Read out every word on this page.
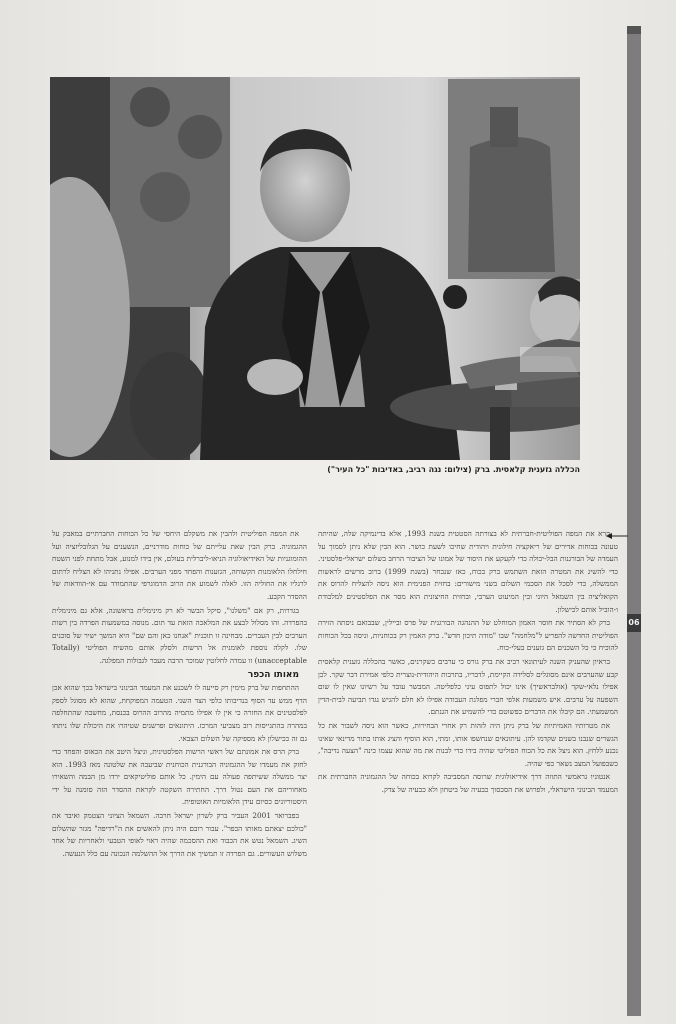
06
הכללה גזענית קלאסית. ברק (צילום: נגה רביב, באדיבות "כל העיר")

קרא את המפה הפוליטית-חברתית לא בצורתה הסטטית בשנת 1993, אלא בדינמיקה שלה, שהיתה טעונה בכוחות אדירים של ריאקציה חילונית ויהודית שחיכו לשעת כושר. הוא הבין שלא ניתן לסמוך על העמדה של הבורגנות הבל-יכולה כדי לקעקע את היסוד של אמונו של הציבור הרחב בשלום ישראלי-פלסטיני. כדי להשיג את המטרה הזאת השתמש ברק בכוח, כאז שנבחר (בשנת 1999) ברוב מרשים לראשות הממשלה, כדי לסכל את הסכמי השלום בשני מישורים: בחזית הפנימית הוא ניסה להצליח להרוס את הקואליציה בין השמאל היוני ובין המיעוט הערבי, ובחזית החיצונית הוא מסר את הפלסטינים למלכודת ו-הוביל אותם לכישלון.

ברק לא הסתיר את חוסר האמון המוחלט של ההנהגה הבורגנית של פרס וביילין, שבבואם ניסתה הזירה הפוליטית החדשה להפריע ל"מלחמה" שבו "מודה תיכון חדש". ברק האמין רק בכוחניות, וניסה בכל הכוחות להוכיח כי כל השכנים הם גזענים בעלי-כוח.

בראיון שהעניק השנה לעיתונאי רביב את ברק גורס כי ערבים כשקרנים, כאשר בהכללה גזענית קלאסית קבע שהערבים אינם מסוגלים לסלידה הקיימת, לדבריו, בתרבות היהודית-נוצרית כלפי אמירת דבר שקר. לכן אפילו נלאי-שקר (אולבראשיך) אינו יכול לתפוס עיני כלפליטה. המבשר עובד על רשיונו שאין לו שום השפעה על ערבים. איש משמעות אלפי חברי מפלגת העבודה אפילו לא חלם להגיש נגדו תביעה לבית-הדין המשמעתי. הם קיבלו את הדברים כפשוטם כדי להשמיע את הגנתם.

את מטרותיו האמיתיות של ברק ניתן היה לזהות רק אחרי הבחירות, כאשר הוא ניסה לשבור את כל הגשרים שנבנו בשנים שקדמו להן. עיתונאים שנחשפו אותו, ומתי, הוא הוסיף והציג אותו בתור מדינאי שאינו נכנע ללחץ. הוא ניצל את כל הכוח הפוליטי שהיה בידו כדי לבנות את מה שהוא עצמו כינה "הצעה נדיבה", כשבפועל המצב נשאר כפי שהיה.

אנטוניו גראמשי התווה דרך אידיאולוגית שרוסה המסביבה לקרוא בכוחה של ההגמוניה החברתית את המעמד הבינוני הישראלי, ולפרוש את הסכסוך כבעיה של ביטחון ולא כבעיה של צדק.

את המפה הפוליטית ולהבין את משקלם היחסי של כל הכוחות החברתיים במאבק על ההגמוניה. ברק הבין שאת עלייתם של כוחות מודרניים, הנשענים על הגלובליזציה ועל ההומוגניות של האידיאולוגיה הניאו-ליברלית בעולם, אין בידו למנוע, אבל מתחת לפני השטח חילחלו הלאומנות הקשוחה, הגזענות והפחד מפני הערבים. אפילו נתניהו לא הצליח לרתום לרגליו את החוליה הזו. לאלה לשמוע את הרוב הדמוגרפי שהתמודד עם אי-הוודאות של ההסדר הקבע.

בגדרות, רק אם "משלנו", סיקל הבשר לא רק מינימלית בראשונה, אלא גם מינימלית בהפרדה. זהו מסלול לבצע את המלאכה הזאת עד תום. מנוסה במשמעות הפרדה בין רשות הערבים לבין העברים. מבחינה זו תוכנית "אנחנו כאן והם שם" היא המשך ישיר של סוכנים שלו. לקלה נוספת לאומנית אל הרשות ולסלק אותם מהשיח הפוליטי (Totally unacceptable) זו עמדה לחלוטין שמוכר הרבה מעבר לגבולות המפלגה.

מאותו הכפר

ההתחפות של ברק מימין רק סייעה לו לשכנע את המעמד הבינוני בישראל בכך שהוא אכן הדף ממש עד הסוף בנדיבותו כלפי הצד השני. הטעמה המפוקחת, שהוא לא מסוגל לספק לפלסטינים את החזרה כי אין לו אפילו מתמיה מהרוב ההרוס בכנסת, מחשבה שהתחלפה במהרה בהתגייסות רוב מצביעי המרכז. היתונאים ופרשנים שטיהרו את היכולת שלו ניתחו גם זה ככישלון לא מספיקה של השלום הצבאי.

ברק הרס את אמונתם של ראשי הרשות הפלסטינית, וניצל היטב את הכאוס והפחד כדי לחזק את מעמדו של ההגמוניה הבורגנית הכוחנית שביעבה את שלטונה מאז 1993. הוא יצר ממשלה ששיתפה פעולה עם הימין. כל אותם פוליטיקאים ירדו מן הבמה והשאירו מאחוריהם את העם נטול דרך. החתירה השקטה לקראת ההסדר הזה סומנה על ידי היסטוריונים כסיום עידן הלאומיות האוטופית.

בפברואר 2001 העביר ברק לשרון ישראל חרבה. השמאל הציוני הצטמק ואיבד את "כולכם יצאתם מאותו הכפר". עבור רובם היה ניתן להאשים את ה"רדיפה" מגזר שהשלום השיג. השמאל נטש את הכבוד ואת ההסכמה שהיה ראוי לאופי הטבעי ולאחריות של אחד משלוש העשורים. גם הפרדה זו תמשיך את הדרך אל ההשלמה הנכונה עם כלל הנעשה.
